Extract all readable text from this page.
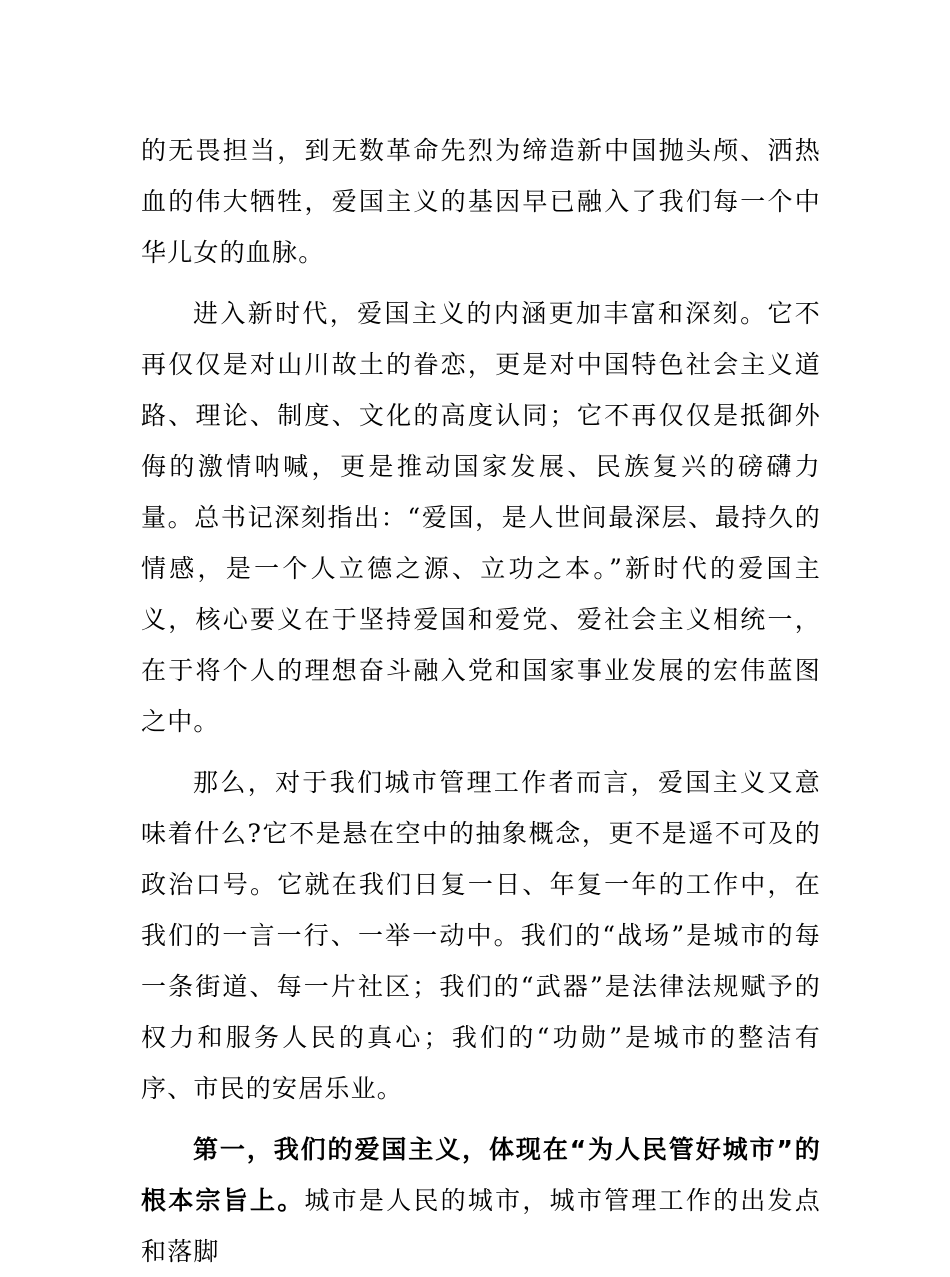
的无畏担当，到无数革命先烈为缔造新中国抛头颅、洒热血的伟大牺牲，爱国主义的基因早已融入了我们每一个中华儿女的血脉。

进入新时代，爱国主义的内涵更加丰富和深刻。它不再仅仅是对山川故土的眷恋，更是对中国特色社会主义道路、理论、制度、文化的高度认同；它不再仅仅是抵御外侮的激情呐喊，更是推动国家发展、民族复兴的磅礴力量。总书记深刻指出：“爱国，是人世间最深层、最持久的情感，是一个人立德之源、立功之本。”新时代的爱国主义，核心要义在于坚持爱国和爱党、爱社会主义相统一，在于将个人的理想奋斗融入党和国家事业发展的宏伟蓝图之中。

那么，对于我们城市管理工作者而言，爱国主义又意味着什么?它不是悬在空中的抽象概念，更不是遥不可及的政治口号。它就在我们日复一日、年复一年的工作中，在我们的一言一行、一举一动中。我们的“战场”是城市的每一条街道、每一片社区；我们的“武器”是法律法规赋予的权力和服务人民的真心；我们的“功勋”是城市的整洁有序、市民的安居乐业。

第一，我们的爱国主义，体现在“为人民管好城市”的根本宗旨上。城市是人民的城市，城市管理工作的出发点和落脚
